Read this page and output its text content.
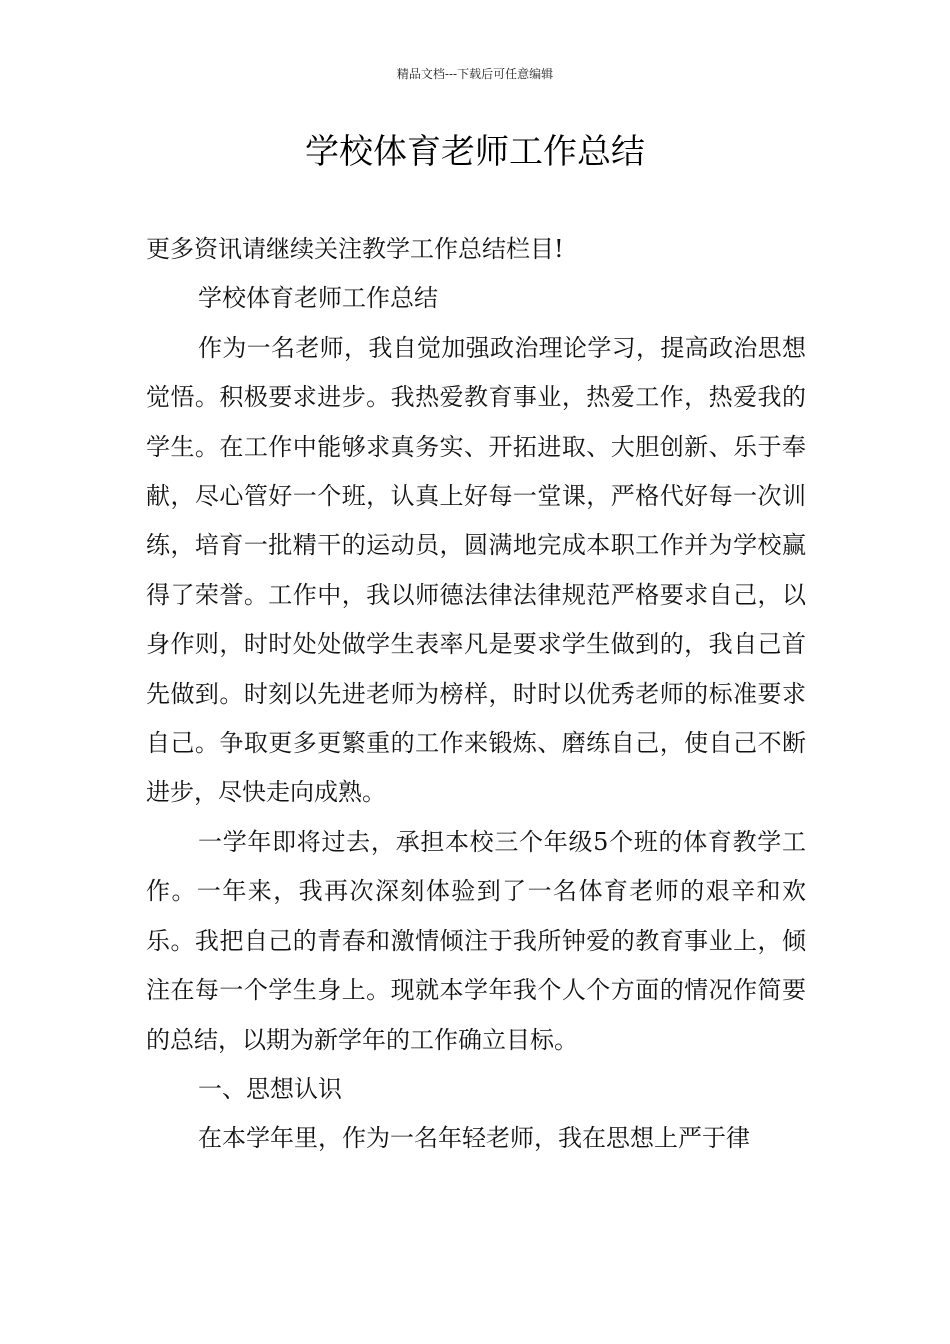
精品文档---下载后可任意编辑
学校体育老师工作总结

更多资讯请继续关注教学工作总结栏目!

学校体育老师工作总结

作为一名老师，我自觉加强政治理论学习，提高政治思想觉悟。积极要求进步。我热爱教育事业，热爱工作，热爱我的学生。在工作中能够求真务实、开拓进取、大胆创新、乐于奉献，尽心管好一个班，认真上好每一堂课，严格代好每一次训练，培育一批精干的运动员，圆满地完成本职工作并为学校赢得了荣誉。工作中，我以师德法律法律规范严格要求自己，以身作则，时时处处做学生表率凡是要求学生做到的，我自己首先做到。时刻以先进老师为榜样，时时以优秀老师的标准要求自己。争取更多更繁重的工作来锻炼、磨练自己，使自己不断进步，尽快走向成熟。

一学年即将过去，承担本校三个年级5个班的体育教学工作。一年来，我再次深刻体验到了一名体育老师的艰辛和欢乐。我把自己的青春和激情倾注于我所钟爱的教育事业上，倾注在每一个学生身上。现就本学年我个人个方面的情况作简要的总结，以期为新学年的工作确立目标。

一、思想认识

在本学年里，作为一名年轻老师，我在思想上严于律
